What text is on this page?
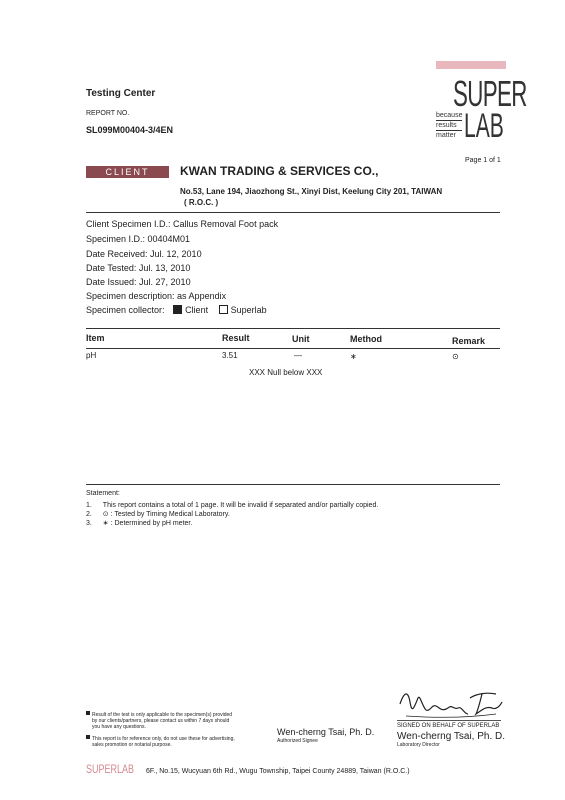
Testing Center
REPORT NO.
SL099M00404-3/4EN
SUPER
because
results
matter LAB
Page 1 of 1
CLIENT	KWAN TRADING & SERVICES CO.,
No.53, Lane 194, Jiaozhong St., Xinyi Dist, Keelung City 201, TAIWAN
( R.O.C. )
Client Specimen I.D.: Callus Removal Foot pack
Specimen I.D.: 00404M01
Date Received: Jul. 12, 2010
Date Tested: Jul. 13, 2010
Date Issued: Jul. 27, 2010
Specimen description: as Appendix
Specimen collector: Client	Superlab
Item	Result	Unit	Method	Remark
pH	3.51	—	∗	⊙
XXX Null below XXX
Statement:
1. This report contains a total of 1 page. It will be invalid if separated and/or partially copied.
2. ⊙ : Tested by Timing Medical Laboratory.
3. ∗ : Determined by pH meter.
Result of the test is only applicable to the specimen(s) provided
by our clients/partners, please contact us within 7 days should
you have any questions.
This report is for reference only, do not use these for advertising,
sales promotion or notarial purpose.
Wen-cherng Tsai, Ph. D.
Authorized Signee
SIGNED ON BEHALF OF SUPERLAB
Wen-cherng Tsai, Ph. D.
Laboratory Director
SUPERLAB 6F., No.15, Wucyuan 6th Rd., Wugu Township, Taipei County 24889, Taiwan (R.O.C.)
